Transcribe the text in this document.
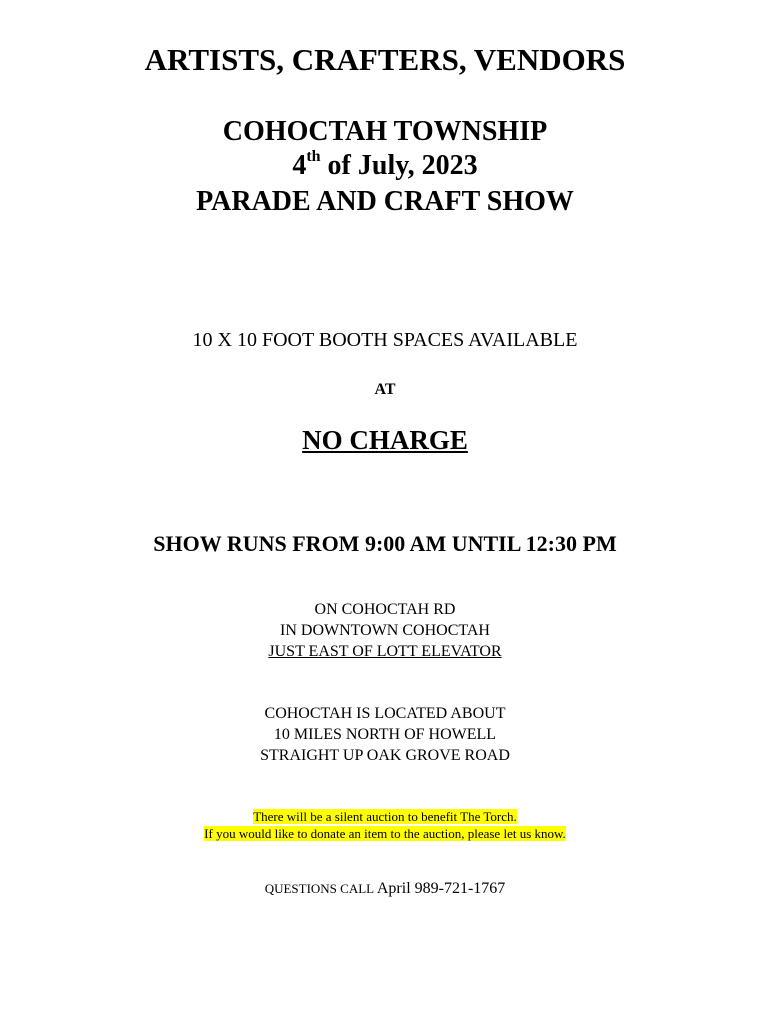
ARTISTS, CRAFTERS, VENDORS
COHOCTAH TOWNSHIP
4th of July, 2023
PARADE AND CRAFT SHOW
10 X 10 FOOT BOOTH SPACES AVAILABLE
AT
NO CHARGE
SHOW RUNS FROM 9:00 AM UNTIL 12:30 PM
ON COHOCTAH RD
IN DOWNTOWN COHOCTAH
JUST EAST OF LOTT ELEVATOR
COHOCTAH IS LOCATED ABOUT
10 MILES NORTH OF HOWELL
STRAIGHT UP OAK GROVE ROAD
There will be a silent auction to benefit The Torch.
If you would like to donate an item to the auction, please let us know.
QUESTIONS CALL April 989-721-1767
